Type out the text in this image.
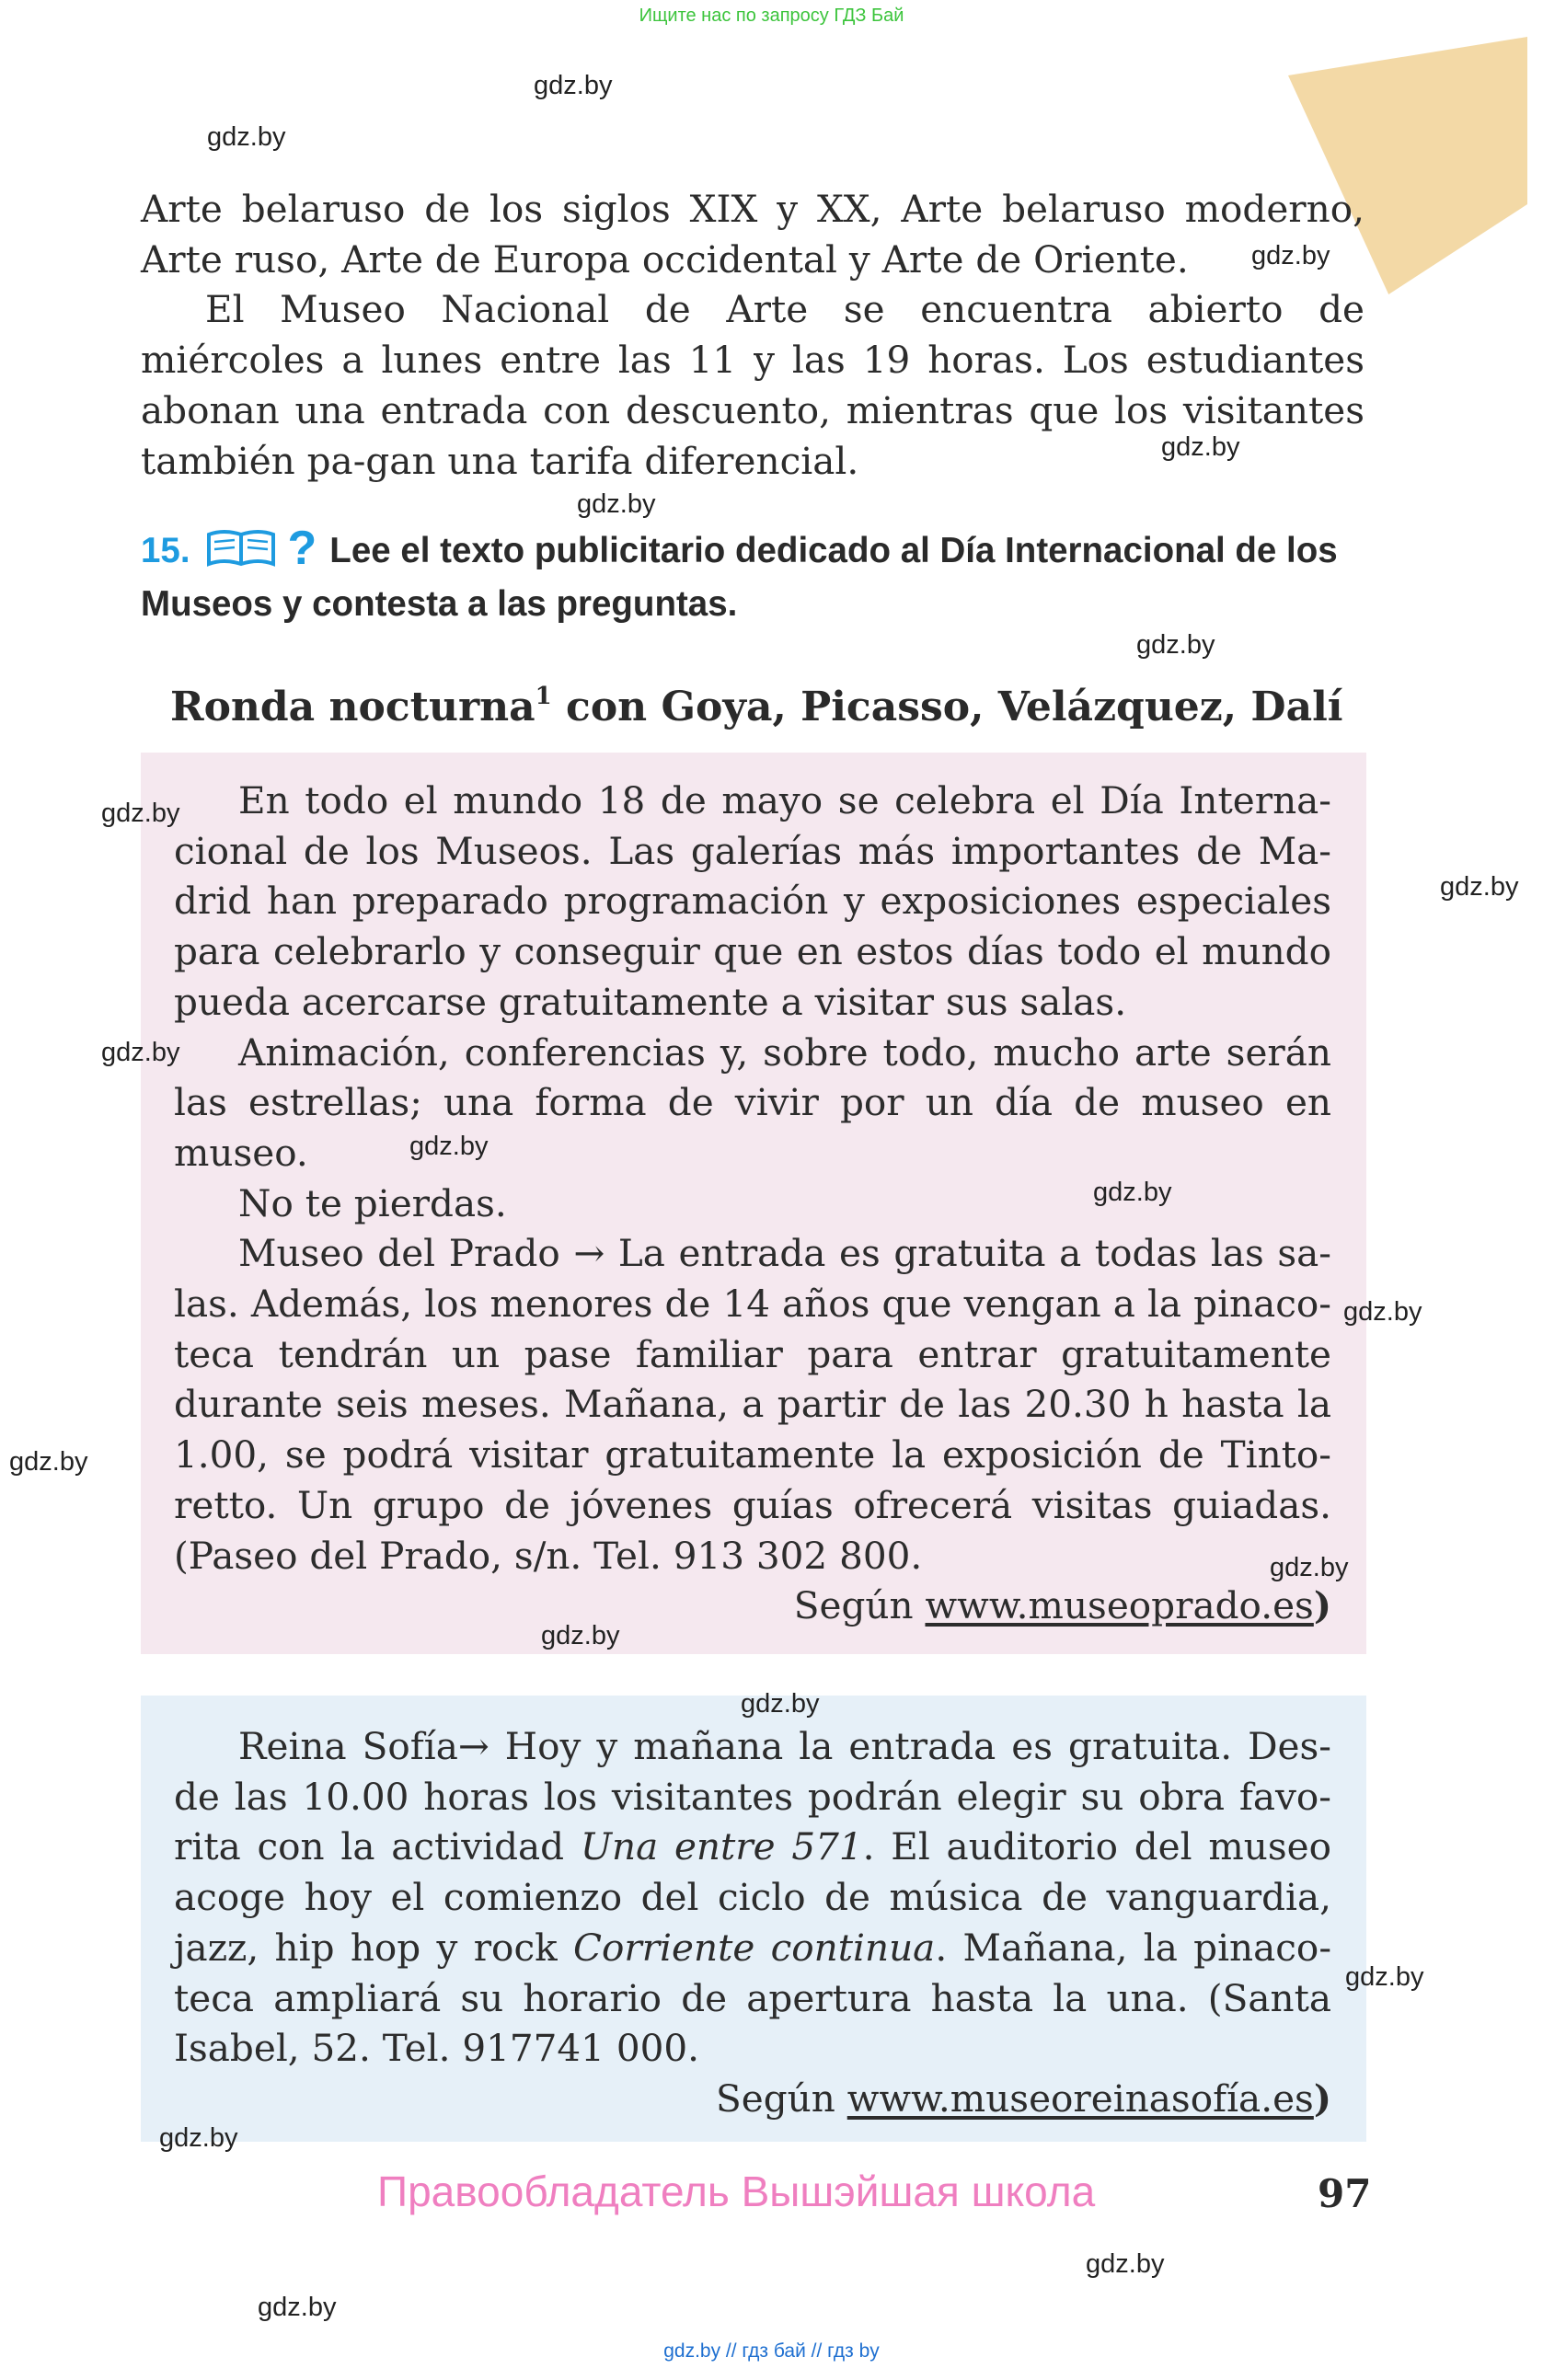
Ищите нас по запросу ГДЗ Бай

Arte belaruso de los siglos XIX y XX, Arte belaruso moderno,

Arte ruso, Arte de Europa occidental y Arte de Oriente.

El Museo Nacional de Arte se encuentra abierto de miércoles a lunes entre las 11 y las 19 horas. Los estudiantes abonan una entrada con descuento, mientras que los visitantes también pa-gan una tarifa diferencial.

15. ? Lee el texto publicitario dedicado al Día Internacional de los Museos y contesta a las preguntas.
Ronda nocturna$^1$ con Goya, Picasso, Velázquez, Dalí

En todo el mundo 18 de mayo se celebra el Día Interna-cional de los Museos. Las galerías más importantes de Ma-drid han preparado programación y exposiciones especiales para celebrarlo y conseguir que en estos días todo el mundo pueda acercarse gratuitamente a visitar sus salas.

Animación, conferencias y, sobre todo, mucho arte serán las estrellas; una forma de vivir por un día de museo en museo.

No te pierdas.

Museo del Prado → La entrada es gratuita a todas las sa-las. Además, los menores de 14 años que vengan a la pinaco-teca tendrán un pase familiar para entrar gratuitamente durante seis meses. Mañana, a partir de las 20.30 h hasta la 1.00, se podrá visitar gratuitamente la exposición de Tinto-retto. Un grupo de jóvenes guías ofrecerá visitas guiadas. (Paseo del Prado, s/n. Tel. 913 302 800.

Según www.museoprado.es)

Reina Sofía→ Hoy y mañana la entrada es gratuita. Des-de las 10.00 horas los visitantes podrán elegir su obra favo-rita con la actividad Una entre 571. El auditorio del museo acoge hoy el comienzo del ciclo de música de vanguardia, jazz, hip hop y rock Corriente continua. Mañana, la pinaco-teca ampliará su horario de apertura hasta la una. (Santa Isabel, 52. Tel. 917741 000.

Según www.museoreinasofía.es)

gdz.by
gdz.by
gdz.by
gdz.by
gdz.by
gdz.by
gdz.by
gdz.by
gdz.by
gdz.by
gdz.by
gdz.by
gdz.by
gdz.by
gdz.by
gdz.by
gdz.by
gdz.by
gdz.by
gdz.by
Правообладатель Вышэйшая школа	97
gdz.by // гдз бай // гдз by
